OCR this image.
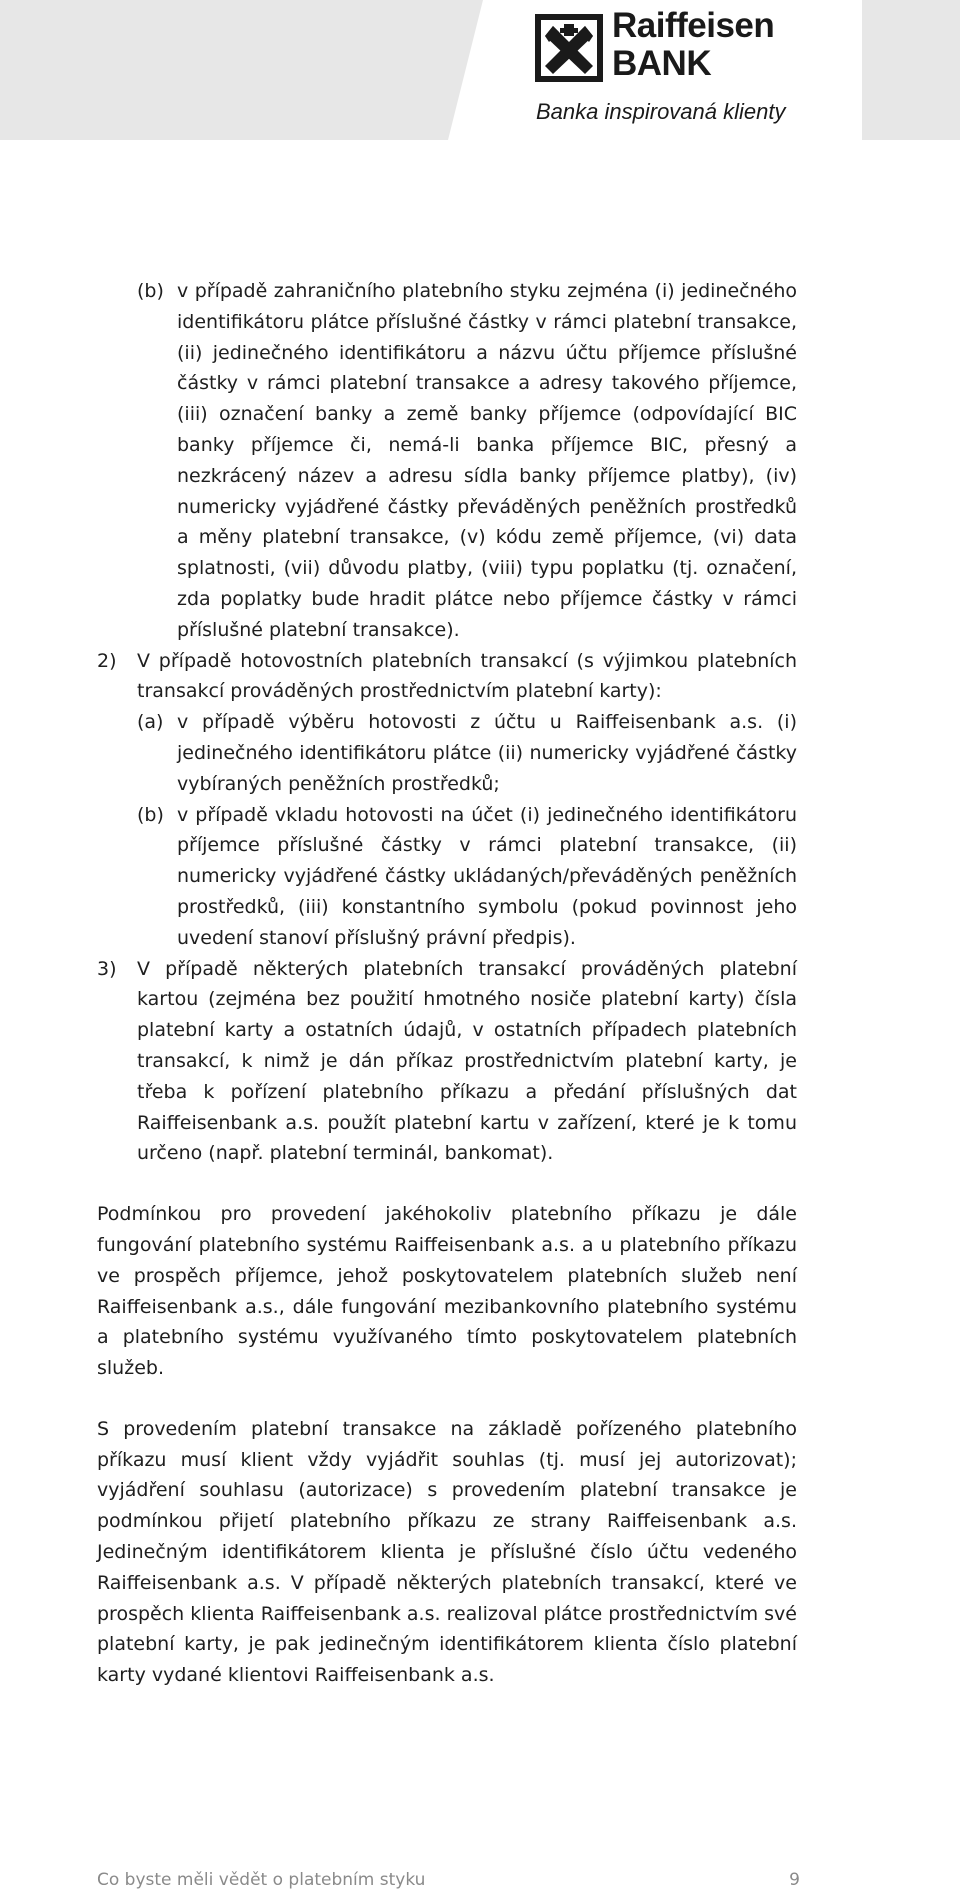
Raiffeisen
BANK
Banka inspirovaná klienty
(b) v případě zahraničního platebního styku zejména (i) jedinečného identifikátoru plátce příslušné částky v rámci platební transakce, (ii) jedinečného identifikátoru a názvu účtu příjemce příslušné částky v rámci platební transakce a adresy takového příjemce, (iii) označení banky a země banky příjemce (odpovídající BIC banky příjemce či, nemá-li banka příjemce BIC, přesný a nezkrácený název a adresu sídla banky příjemce platby), (iv) numericky vyjádřené částky převáděných peněžních prostředků a měny platební transakce, (v) kódu země příjemce, (vi) data splatnosti, (vii) důvodu platby, (viii) typu poplatku (tj. označení, zda poplatky bude hradit plátce nebo příjemce částky v rámci příslušné platební transakce).
2)	V případě hotovostních platebních transakcí (s výjimkou platebních transakcí prováděných prostřednictvím platební karty):
(a) v případě výběru hotovosti z účtu u Raiffeisenbank a.s. (i) jedinečného identifikátoru plátce (ii) numericky vyjádřené částky vybíraných peněžních prostředků;
(b) v případě vkladu hotovosti na účet (i) jedinečného identifikátoru příjemce příslušné částky v rámci platební transakce, (ii) numericky vyjádřené částky ukládaných/převáděných peněžních prostředků, (iii) konstantního symbolu (pokud povinnost jeho uvedení stanoví příslušný právní předpis).
3)	V případě některých platebních transakcí prováděných platební kartou (zejména bez použití hmotného nosiče platební karty) čísla platební karty a ostatních údajů, v ostatních případech platebních transakcí, k nimž je dán příkaz prostřednictvím platební karty, je třeba k pořízení platebního příkazu a předání příslušných dat Raiffeisenbank a.s. použít platební kartu v zařízení, které je k tomu určeno (např. platební terminál, bankomat).
Podmínkou pro provedení jakéhokoliv platebního příkazu je dále fungování platebního systému Raiffeisenbank a.s. a u platebního příkazu ve prospěch příjemce, jehož poskytovatelem platebních služeb není Raiffeisenbank a.s., dále fungování mezibankovního platebního systému a platebního systému využívaného tímto poskytovatelem platebních služeb.
S provedením platební transakce na základě pořízeného platebního příkazu musí klient vždy vyjádřit souhlas (tj. musí jej autorizovat); vyjádření souhlasu (autorizace) s provedením platební transakce je podmínkou přijetí platebního příkazu ze strany Raiffeisenbank a.s. Jedinečným identifikátorem klienta je příslušné číslo účtu vedeného Raiffeisenbank a.s. V případě některých platebních transakcí, které ve prospěch klienta Raiffeisenbank a.s. realizoval plátce prostřednictvím své platební karty, je pak jedinečným identifikátorem klienta číslo platební karty vydané klientovi Raiffeisenbank a.s.
Co byste měli vědět o platebním styku	9
